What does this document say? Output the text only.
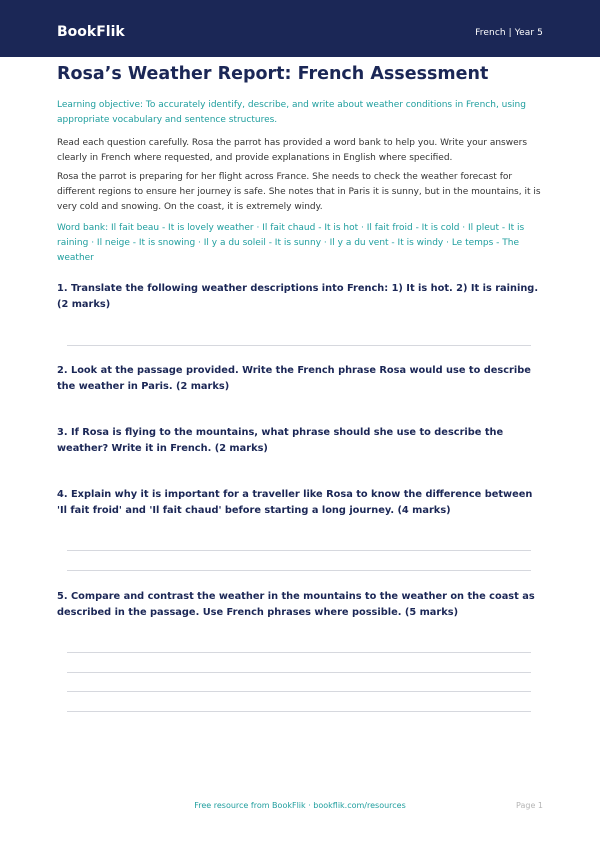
BookFlik	French | Year 5
Rosa’s Weather Report: French Assessment

Learning objective: To accurately identify, describe, and write about weather conditions in French, using appropriate vocabulary and sentence structures.

Read each question carefully. Rosa the parrot has provided a word bank to help you. Write your answers clearly in French where requested, and provide explanations in English where specified.

Rosa the parrot is preparing for her flight across France. She needs to check the weather forecast for different regions to ensure her journey is safe. She notes that in Paris it is sunny, but in the mountains, it is very cold and snowing. On the coast, it is extremely windy.

Word bank: Il fait beau - It is lovely weather · Il fait chaud - It is hot · Il fait froid - It is cold · Il pleut - It is raining · Il neige - It is snowing · Il y a du soleil - It is sunny · Il y a du vent - It is windy · Le temps - The weather

1. Translate the following weather descriptions into French: 1) It is hot. 2) It is raining. (2 marks)

2. Look at the passage provided. Write the French phrase Rosa would use to describe the weather in Paris. (2 marks)

3. If Rosa is flying to the mountains, what phrase should she use to describe the weather? Write it in French. (2 marks)

4. Explain why it is important for a traveller like Rosa to know the difference between 'Il fait froid' and 'Il fait chaud' before starting a long journey. (4 marks)

5. Compare and contrast the weather in the mountains to the weather on the coast as described in the passage. Use French phrases where possible. (5 marks)

Free resource from BookFlik · bookflik.com/resources	Page 1
